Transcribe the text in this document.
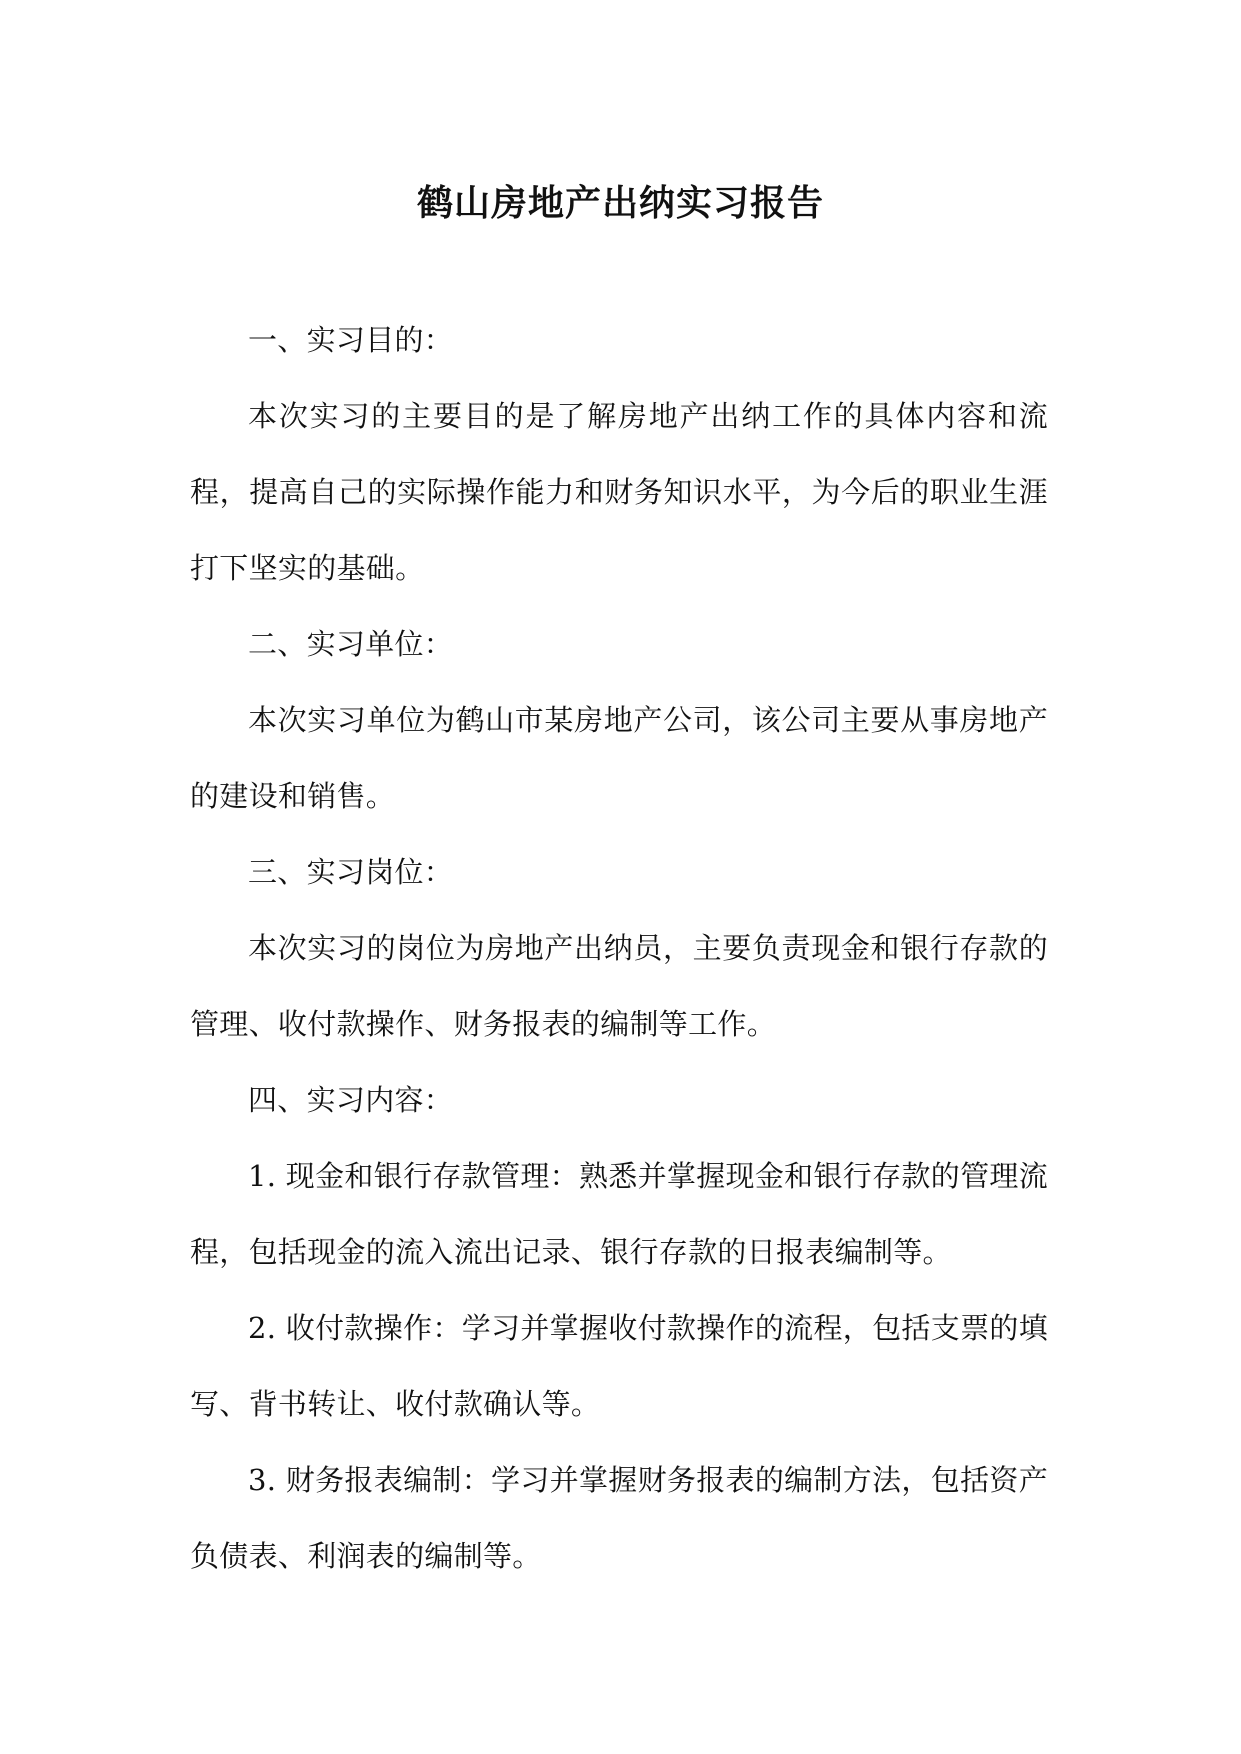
鹤山房地产出纳实习报告

一、实习目的：

本次实习的主要目的是了解房地产出纳工作的具体内容和流程，提高自己的实际操作能力和财务知识水平，为今后的职业生涯打下坚实的基础。

二、实习单位：

本次实习单位为鹤山市某房地产公司，该公司主要从事房地产的建设和销售。

三、实习岗位：

本次实习的岗位为房地产出纳员，主要负责现金和银行存款的管理、收付款操作、财务报表的编制等工作。

四、实习内容：

1. 现金和银行存款管理：熟悉并掌握现金和银行存款的管理流程，包括现金的流入流出记录、银行存款的日报表编制等。

2. 收付款操作：学习并掌握收付款操作的流程，包括支票的填写、背书转让、收付款确认等。

3. 财务报表编制：学习并掌握财务报表的编制方法，包括资产负债表、利润表的编制等。
